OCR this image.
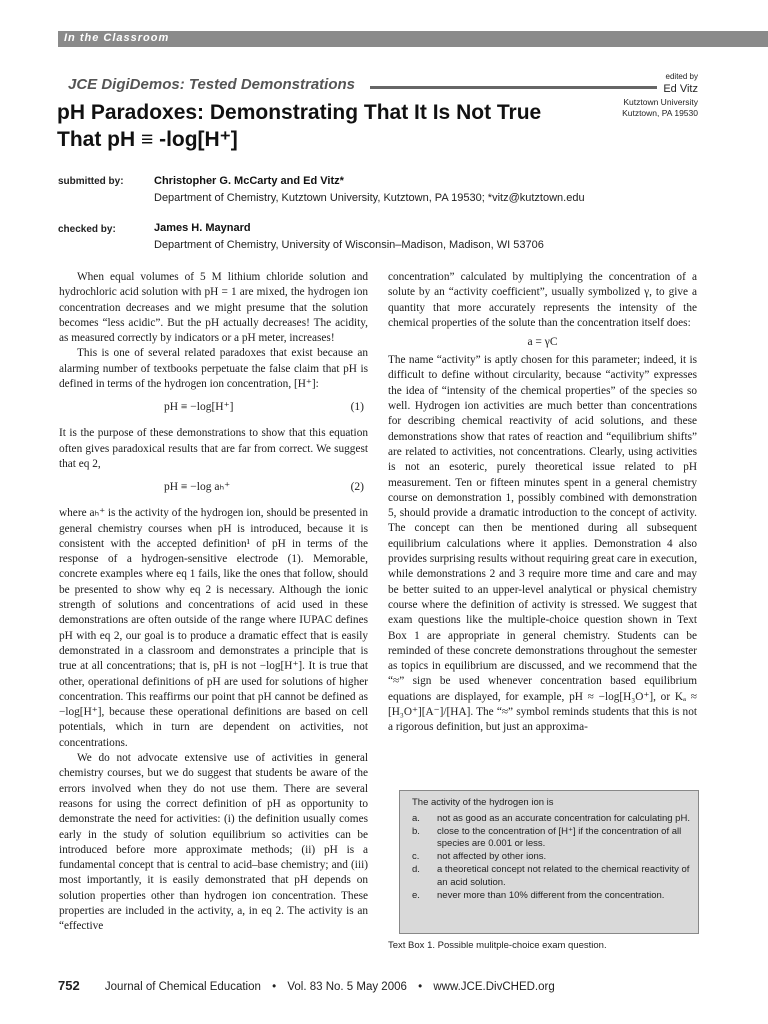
In the Classroom
JCE DigiDemos: Tested Demonstrations	edited by
Ed Vitz
Kutztown University
Kutztown, PA 19530
pH Paradoxes: Demonstrating That It Is Not True
That pH ≡ -log[H⁺]
submitted by:	Christopher G. McCarty and Ed Vitz*
Department of Chemistry, Kutztown University, Kutztown, PA 19530; *vitz@kutztown.edu
checked by:	James H. Maynard
Department of Chemistry, University of Wisconsin–Madison, Madison, WI 53706

When equal volumes of 5 M lithium chloride solution and hydrochloric acid solution with pH = 1 are mixed, the hydrogen ion concentration decreases and we might presume that the solution becomes “less acidic”. But the pH actually decreases! The acidity, as measured correctly by indicators or a pH meter, increases!

This is one of several related paradoxes that exist because an alarming number of textbooks perpetuate the false claim that pH is defined in terms of the hydrogen ion concentration, [H⁺]:

pH ≡ −log[H⁺]	(1)

It is the purpose of these demonstrations to show that this equation often gives paradoxical results that are far from correct. We suggest that eq 2,

pH ≡ −log aₕ⁺	(2)

where aₕ⁺ is the activity of the hydrogen ion, should be presented in general chemistry courses when pH is introduced, because it is consistent with the accepted definition¹ of pH in terms of the response of a hydrogen-sensitive electrode (1). Memorable, concrete examples where eq 1 fails, like the ones that follow, should be presented to show why eq 2 is necessary. Although the ionic strength of solutions and concentrations of acid used in these demonstrations are often outside of the range where IUPAC defines pH with eq 2, our goal is to produce a dramatic effect that is easily demonstrated in a classroom and demonstrates a principle that is true at all concentrations; that is, pH is not −log[H⁺]. It is true that other, operational definitions of pH are used for solutions of higher concentration. This reaffirms our point that pH cannot be defined as −log[H⁺], because these operational definitions are based on cell potentials, which in turn are dependent on activities, not concentrations.

We do not advocate extensive use of activities in general chemistry courses, but we do suggest that students be aware of the errors involved when they do not use them. There are several reasons for using the correct definition of pH as opportunity to demonstrate the need for activities: (i) the definition usually comes early in the study of solution equilibrium so activities can be introduced before more approximate methods; (ii) pH is a fundamental concept that is central to acid–base chemistry; and (iii) most importantly, it is easily demonstrated that pH depends on solution properties other than hydrogen ion concentration. These properties are included in the activity, a, in eq 2. The activity is an “effective

concentration” calculated by multiplying the concentration of a solute by an “activity coefficient”, usually symbolized γ, to give a quantity that more accurately represents the intensity of the chemical properties of the solute than the concentration itself does:

a = γC

The name “activity” is aptly chosen for this parameter; indeed, it is difficult to define without circularity, because “activity” expresses the idea of “intensity of the chemical properties” of the species so well. Hydrogen ion activities are much better than concentrations for describing chemical reactivity of acid solutions, and these demonstrations show that rates of reaction and “equilibrium shifts” are related to activities, not concentrations. Clearly, using activities is not an esoteric, purely theoretical issue related to pH measurement. Ten or fifteen minutes spent in a general chemistry course on demonstration 1, possibly combined with demonstration 5, should provide a dramatic introduction to the concept of activity. The concept can then be mentioned during all subsequent equilibrium calculations where it applies. Demonstration 4 also provides surprising results without requiring great care in execution, while demonstrations 2 and 3 require more time and care and may be better suited to an upper-level analytical or physical chemistry course where the definition of activity is stressed. We suggest that exam questions like the multiple-choice question shown in Text Box 1 are appropriate in general chemistry. Students can be reminded of these concrete demonstrations throughout the semester as topics in equilibrium are discussed, and we recommend that the “≈” sign be used whenever concentration based equilibrium equations are displayed, for example, pH ≈ −log[H₃O⁺], or Kₐ ≈ [H₃O⁺][A⁻]/[HA]. The “≈” symbol reminds students that this is not a rigorous definition, but just an approxima-

The activity of the hydrogen ion is
a. not as good as an accurate concentration for calculating pH.
b. close to the concentration of [H⁺] if the concentration of all species are 0.001 or less.
c. not affected by other ions.
d. a theoretical concept not related to the chemical reactivity of an acid solution.
e. never more than 10% different from the concentration.
Text Box 1. Possible mulitple-choice exam question.
752 Journal of Chemical Education • Vol. 83 No. 5 May 2006 • www.JCE.DivCHED.org
